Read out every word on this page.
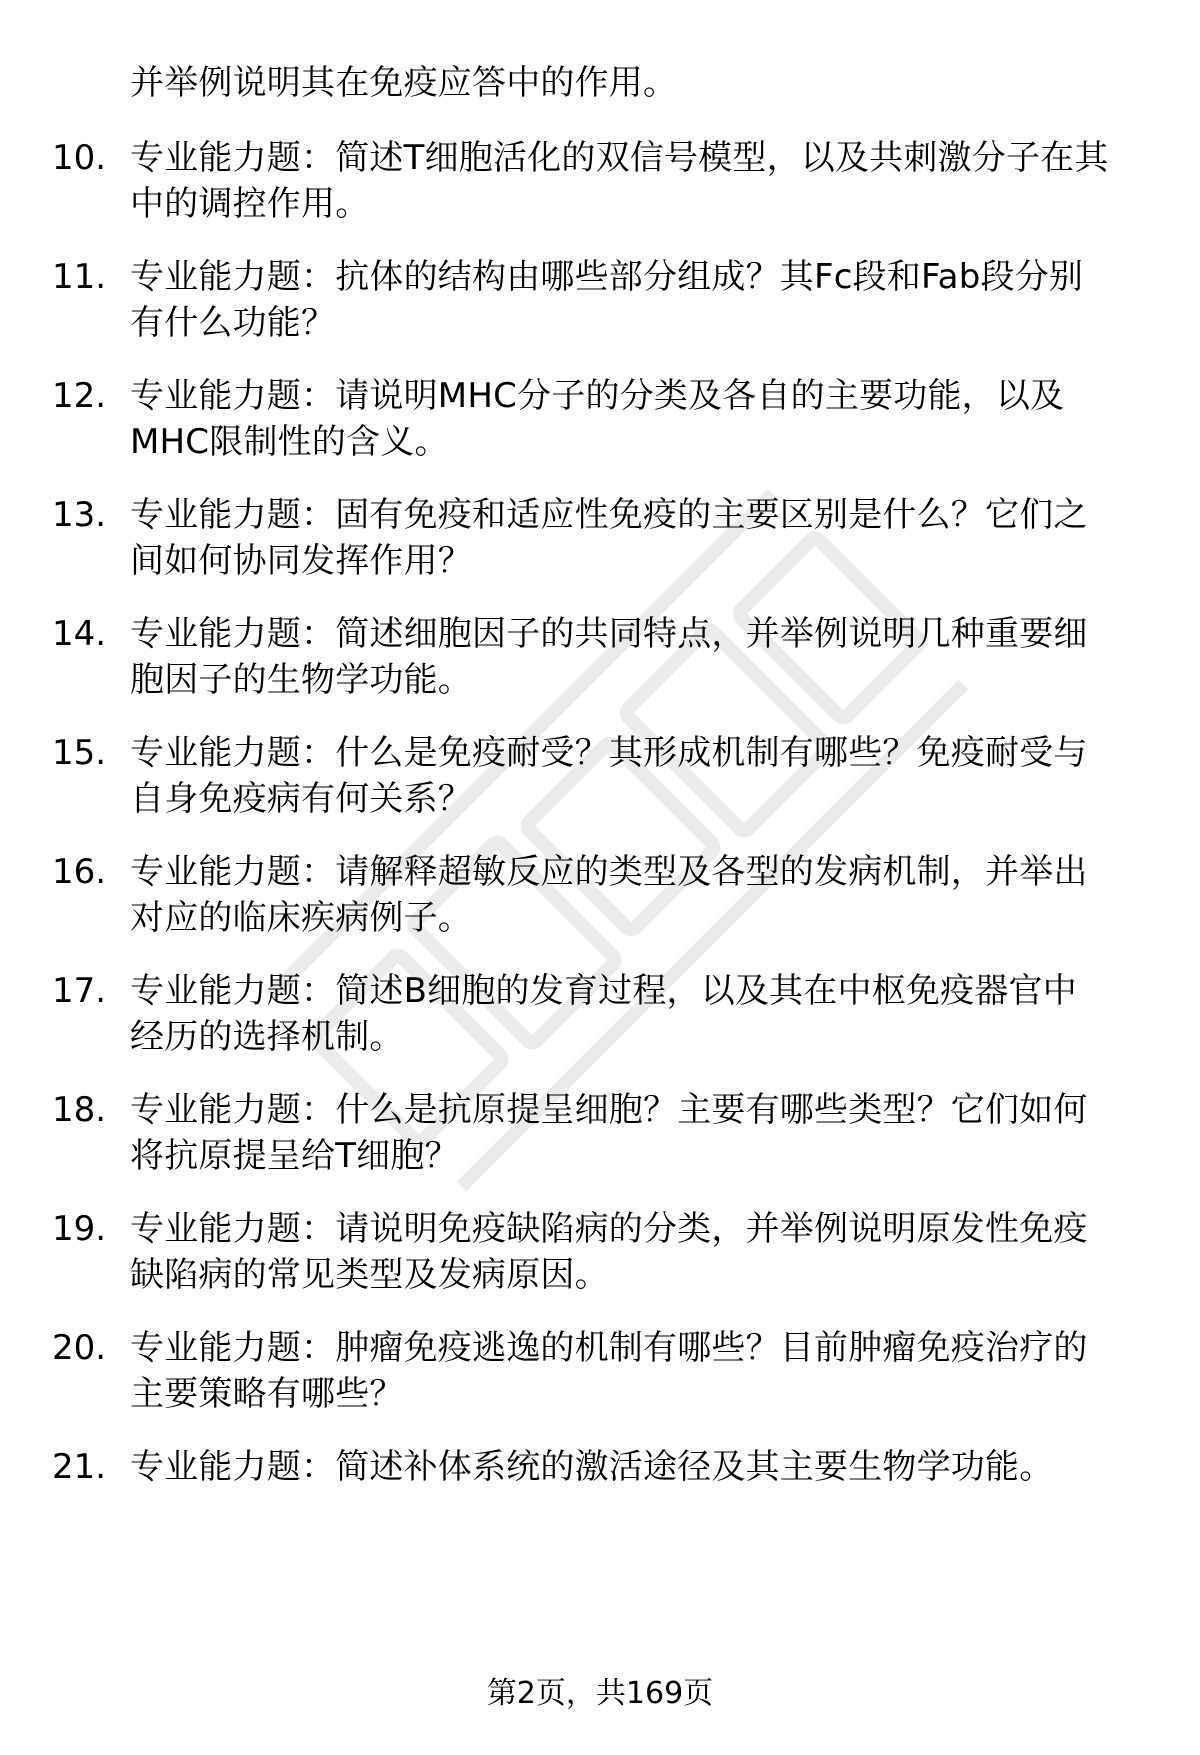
并举例说明其在免疫应答中的作用。
10. 专业能力题：简述T细胞活化的双信号模型，以及共刺激分子在其
中的调控作用。
11. 专业能力题：抗体的结构由哪些部分组成？其Fc段和Fab段分别
有什么功能？
12. 专业能力题：请说明MHC分子的分类及各自的主要功能，以及
MHC限制性的含义。
13. 专业能力题：固有免疫和适应性免疫的主要区别是什么？它们之
间如何协同发挥作用？
14. 专业能力题：简述细胞因子的共同特点，并举例说明几种重要细
胞因子的生物学功能。
15. 专业能力题：什么是免疫耐受？其形成机制有哪些？免疫耐受与
自身免疫病有何关系？
16. 专业能力题：请解释超敏反应的类型及各型的发病机制，并举出
对应的临床疾病例子。
17. 专业能力题：简述B细胞的发育过程，以及其在中枢免疫器官中
经历的选择机制。
18. 专业能力题：什么是抗原提呈细胞？主要有哪些类型？它们如何
将抗原提呈给T细胞？
19. 专业能力题：请说明免疫缺陷病的分类，并举例说明原发性免疫
缺陷病的常见类型及发病原因。
20. 专业能力题：肿瘤免疫逃逸的机制有哪些？目前肿瘤免疫治疗的
主要策略有哪些？
21. 专业能力题：简述补体系统的激活途径及其主要生物学功能。
第2页，共169页
